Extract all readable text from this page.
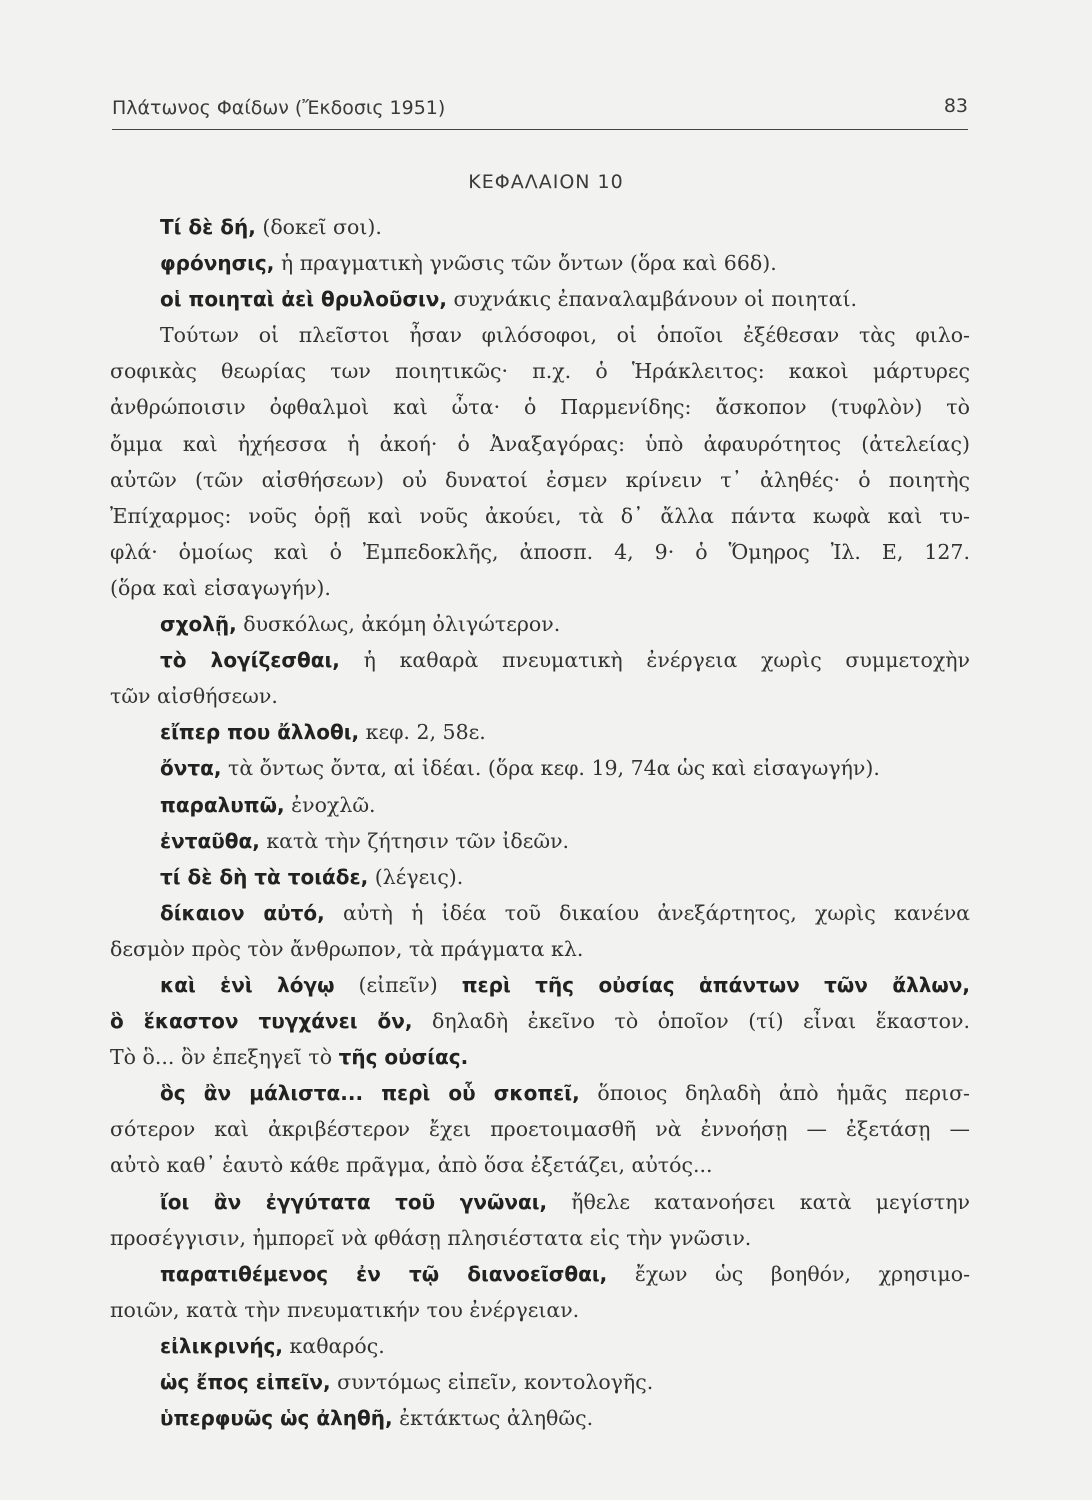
Πλάτωνος Φαίδων (Ἔκδοσις 1951)	83
ΚΕΦΑΛΑΙΟΝ 10
Τί δὲ δή, (δοκεῖ σοι).
φρόνησις, ἡ πραγματικὴ γνῶσις τῶν ὄντων (ὅρα καὶ 66δ).
οἱ ποιηταὶ ἀεὶ θρυλοῦσιν, συχνάκις ἐπαναλαμβάνουν οἱ ποιηταί.
Τούτων οἱ πλεῖστοι ἦσαν φιλόσοφοι, οἱ ὁποῖοι ἐξέθεσαν τὰς φιλο-
σοφικὰς θεωρίας των ποιητικῶς· π.χ. ὁ Ἡράκλειτος: κακοὶ μάρτυρες
ἀνθρώποισιν ὀφθαλμοὶ καὶ ὦτα· ὁ Παρμενίδης: ἄσκοπον (τυφλὸν) τὸ
ὄμμα καὶ ἠχήεσσα ἡ ἀκοή· ὁ Ἀναξαγόρας: ὑπὸ ἀφαυρότητος (ἀτελείας)
αὐτῶν (τῶν αἰσθήσεων) οὐ δυνατοί ἐσμεν κρίνειν τ᾿ ἀληθές· ὁ ποιητὴς
Ἐπίχαρμος: νοῦς ὁρῇ καὶ νοῦς ἀκούει, τὰ δ᾿ ἄλλα πάντα κωφὰ καὶ τυ-
φλά· ὁμοίως καὶ ὁ Ἐμπεδοκλῆς, ἀποσπ. 4, 9· ὁ Ὅμηρος Ἰλ. Ε, 127.
(ὅρα καὶ εἰσαγωγήν).
σχολῇ, δυσκόλως, ἀκόμη ὀλιγώτερον.
τὸ λογίζεσθαι, ἡ καθαρὰ πνευματικὴ ἐνέργεια χωρὶς συμμετοχὴν
τῶν αἰσθήσεων.
εἴπερ που ἄλλοθι, κεφ. 2, 58ε.
ὄντα, τὰ ὄντως ὄντα, αἱ ἰδέαι. (ὅρα κεφ. 19, 74α ὡς καὶ εἰσαγωγήν).
παραλυπῶ, ἐνοχλῶ.
ἐνταῦθα, κατὰ τὴν ζήτησιν τῶν ἰδεῶν.
τί δὲ δὴ τὰ τοιάδε, (λέγεις).
δίκαιον αὐτό, αὐτὴ ἡ ἰδέα τοῦ δικαίου ἀνεξάρτητος, χωρὶς κανένα
δεσμὸν πρὸς τὸν ἄνθρωπον, τὰ πράγματα κλ.
καὶ ἑνὶ λόγῳ (εἰπεῖν) περὶ τῆς οὐσίας ἁπάντων τῶν ἄλλων,
ὃ ἕκαστον τυγχάνει ὄν, δηλαδὴ ἐκεῖνο τὸ ὁποῖον (τί) εἶναι ἕκαστον.
Τὸ ὃ... ὂν ἐπεξηγεῖ τὸ τῆς οὐσίας.
ὃς ἂν μάλιστα... περὶ οὗ σκοπεῖ, ὅποιος δηλαδὴ ἀπὸ ἡμᾶς περισ-
σότερον καὶ ἀκριβέστερον ἔχει προετοιμασθῆ νὰ ἐννοήσῃ — ἐξετάσῃ —
αὐτὸ καθ᾿ ἑαυτὸ κάθε πρᾶγμα, ἀπὸ ὅσα ἐξετάζει, αὐτός...
ἴοι ἂν ἐγγύτατα τοῦ γνῶναι, ἤθελε κατανοήσει κατὰ μεγίστην
προσέγγισιν, ἠμπορεῖ νὰ φθάσῃ πλησιέστατα εἰς τὴν γνῶσιν.
παρατιθέμενος ἐν τῷ διανοεῖσθαι, ἔχων ὡς βοηθόν, χρησιμο-
ποιῶν, κατὰ τὴν πνευματικήν του ἐνέργειαν.
εἰλικρινής, καθαρός.
ὡς ἔπος εἰπεῖν, συντόμως εἰπεῖν, κοντολογῆς.
ὑπερφυῶς ὡς ἀληθῆ, ἐκτάκτως ἀληθῶς.
